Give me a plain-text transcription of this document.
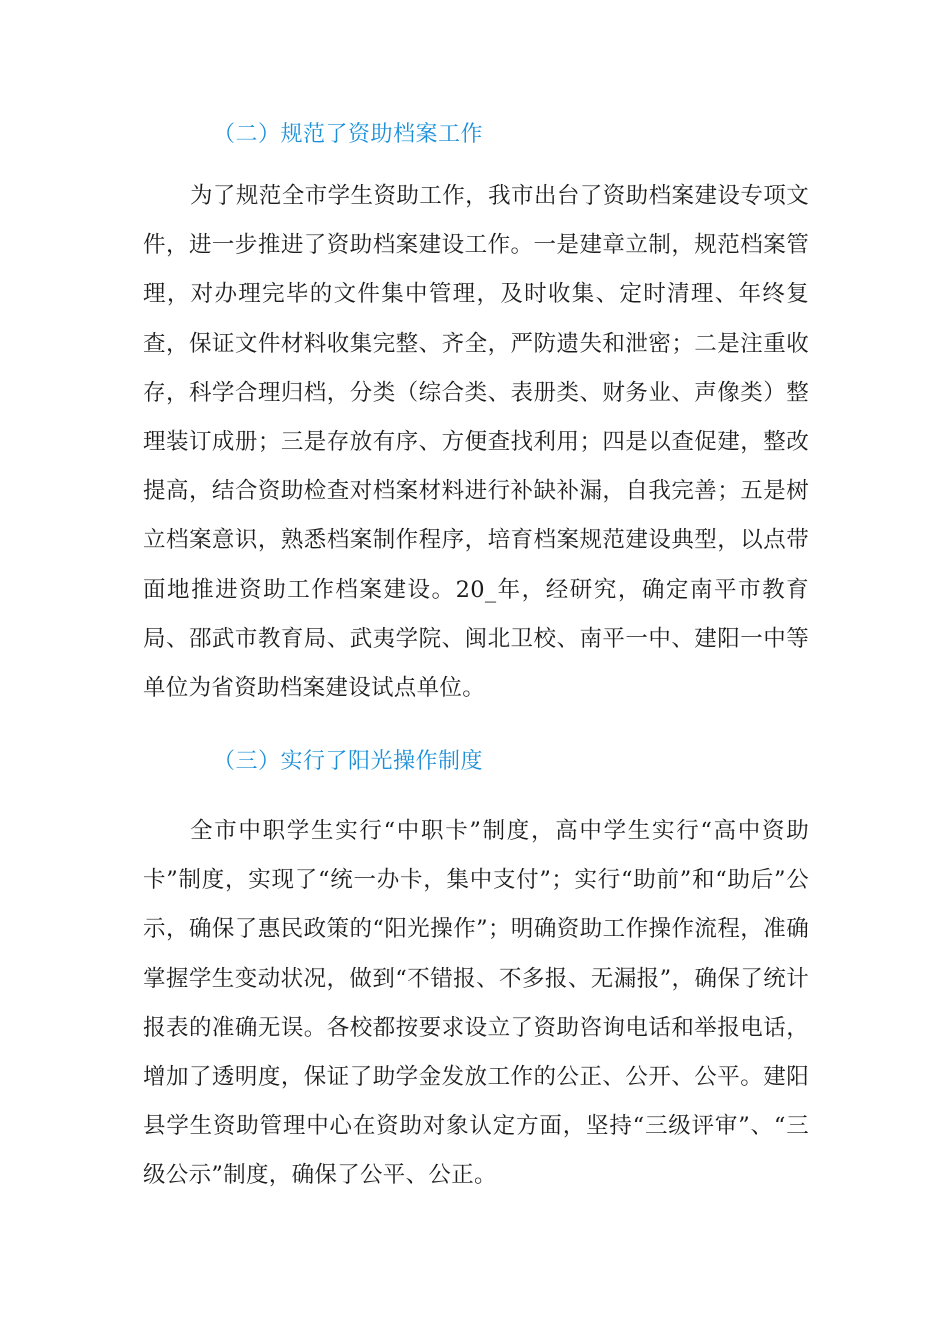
（二）规范了资助档案工作
为了规范全市学生资助工作，我市出台了资助档案建设专项文件，进一步推进了资助档案建设工作。一是建章立制，规范档案管理，对办理完毕的文件集中管理，及时收集、定时清理、年终复查，保证文件材料收集完整、齐全，严防遗失和泄密；二是注重收存，科学合理归档，分类（综合类、表册类、财务业、声像类）整理装订成册；三是存放有序、方便查找利用；四是以查促建，整改提高，结合资助检查对档案材料进行补缺补漏，自我完善；五是树立档案意识，熟悉档案制作程序，培育档案规范建设典型，以点带面地推进资助工作档案建设。20_年，经研究，确定南平市教育局、邵武市教育局、武夷学院、闽北卫校、南平一中、建阳一中等单位为省资助档案建设试点单位。
（三）实行了阳光操作制度
全市中职学生实行“中职卡”制度，高中学生实行“高中资助卡”制度，实现了“统一办卡，集中支付”；实行“助前”和“助后”公示，确保了惠民政策的“阳光操作”；明确资助工作操作流程，准确掌握学生变动状况，做到“不错报、不多报、无漏报”，确保了统计报表的准确无误。各校都按要求设立了资助咨询电话和举报电话，增加了透明度，保证了助学金发放工作的公正、公开、公平。建阳县学生资助管理中心在资助对象认定方面，坚持“三级评审”、“三级公示”制度，确保了公平、公正。
